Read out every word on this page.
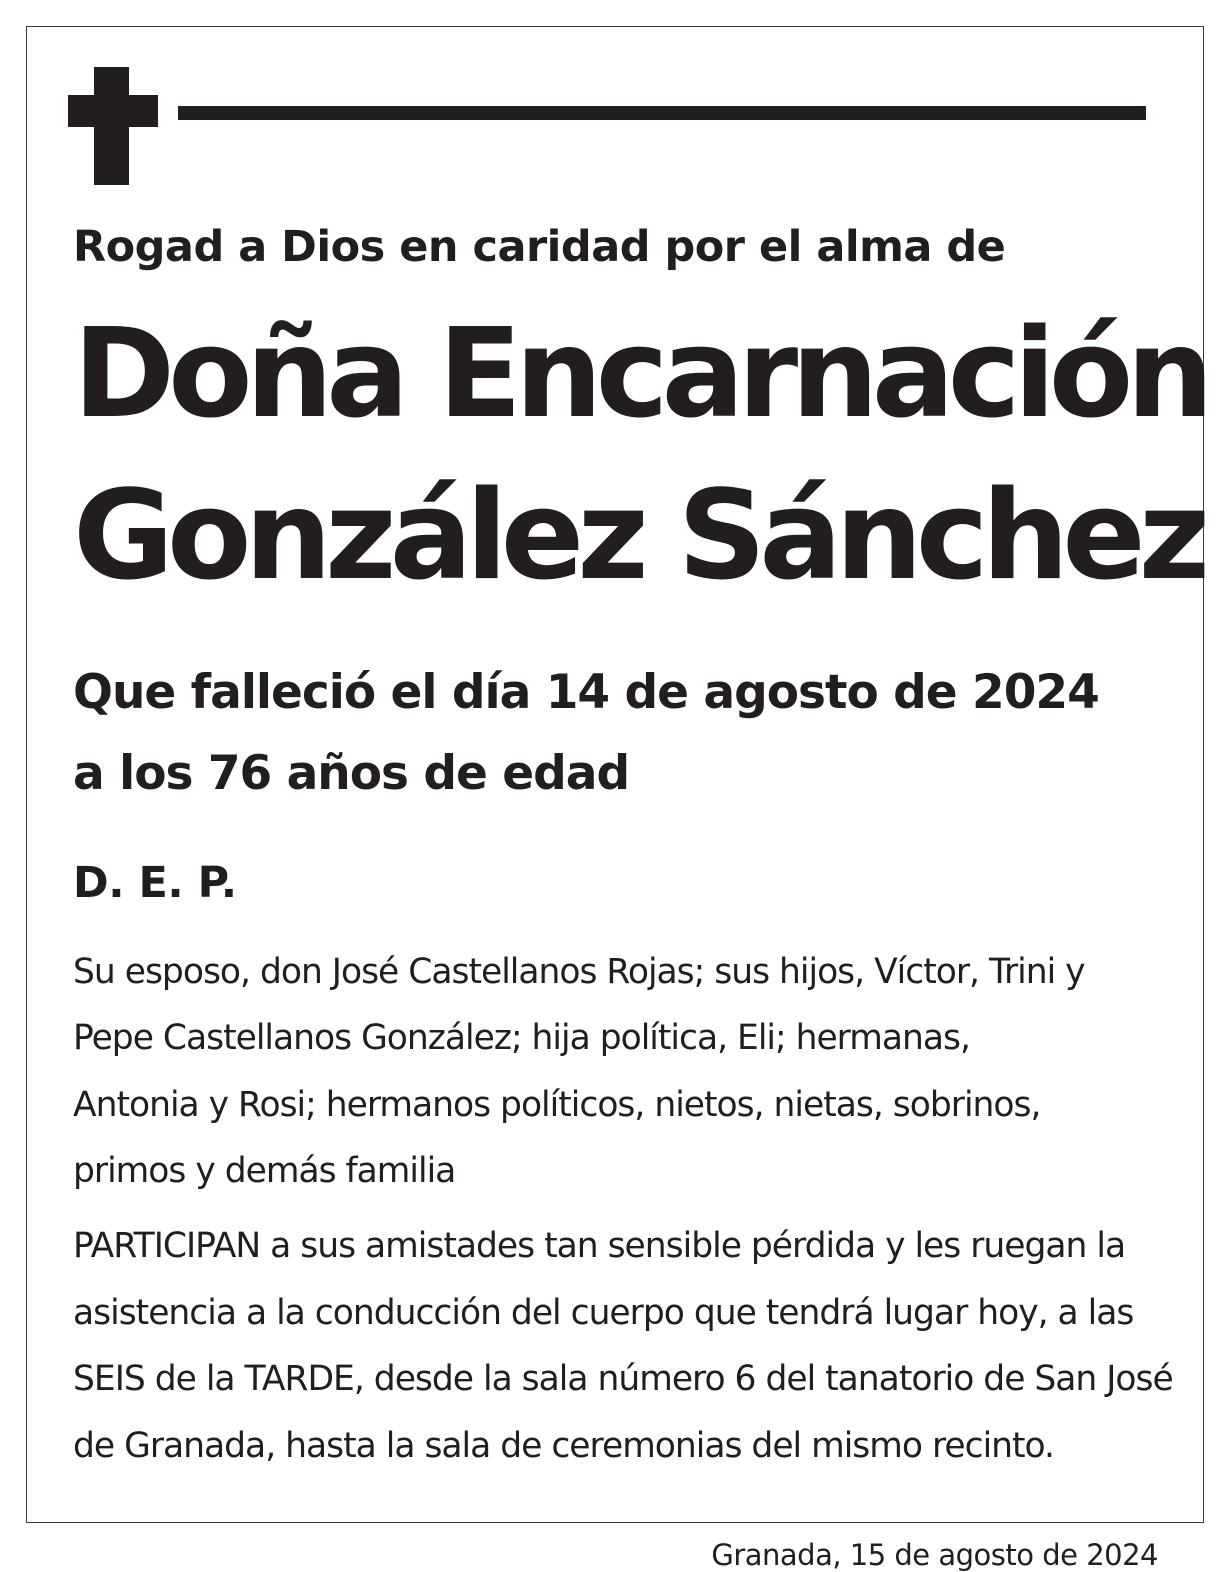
Rogad a Dios en caridad por el alma de

Doña Encarnación

González Sánchez

Que falleció el día 14 de agosto de 2024

a los 76 años de edad

D. E. P.

Su esposo, don José Castellanos Rojas; sus hijos, Víctor, Trini y

Pepe Castellanos González; hija política, Eli; hermanas,

Antonia y Rosi; hermanos políticos, nietos, nietas, sobrinos,

primos y demás familia

PARTICIPAN a sus amistades tan sensible pérdida y les ruegan la

asistencia a la conducción del cuerpo que tendrá lugar hoy, a las

SEIS de la TARDE, desde la sala número 6 del tanatorio de San José

de Granada, hasta la sala de ceremonias del mismo recinto.

Granada, 15 de agosto de 2024
